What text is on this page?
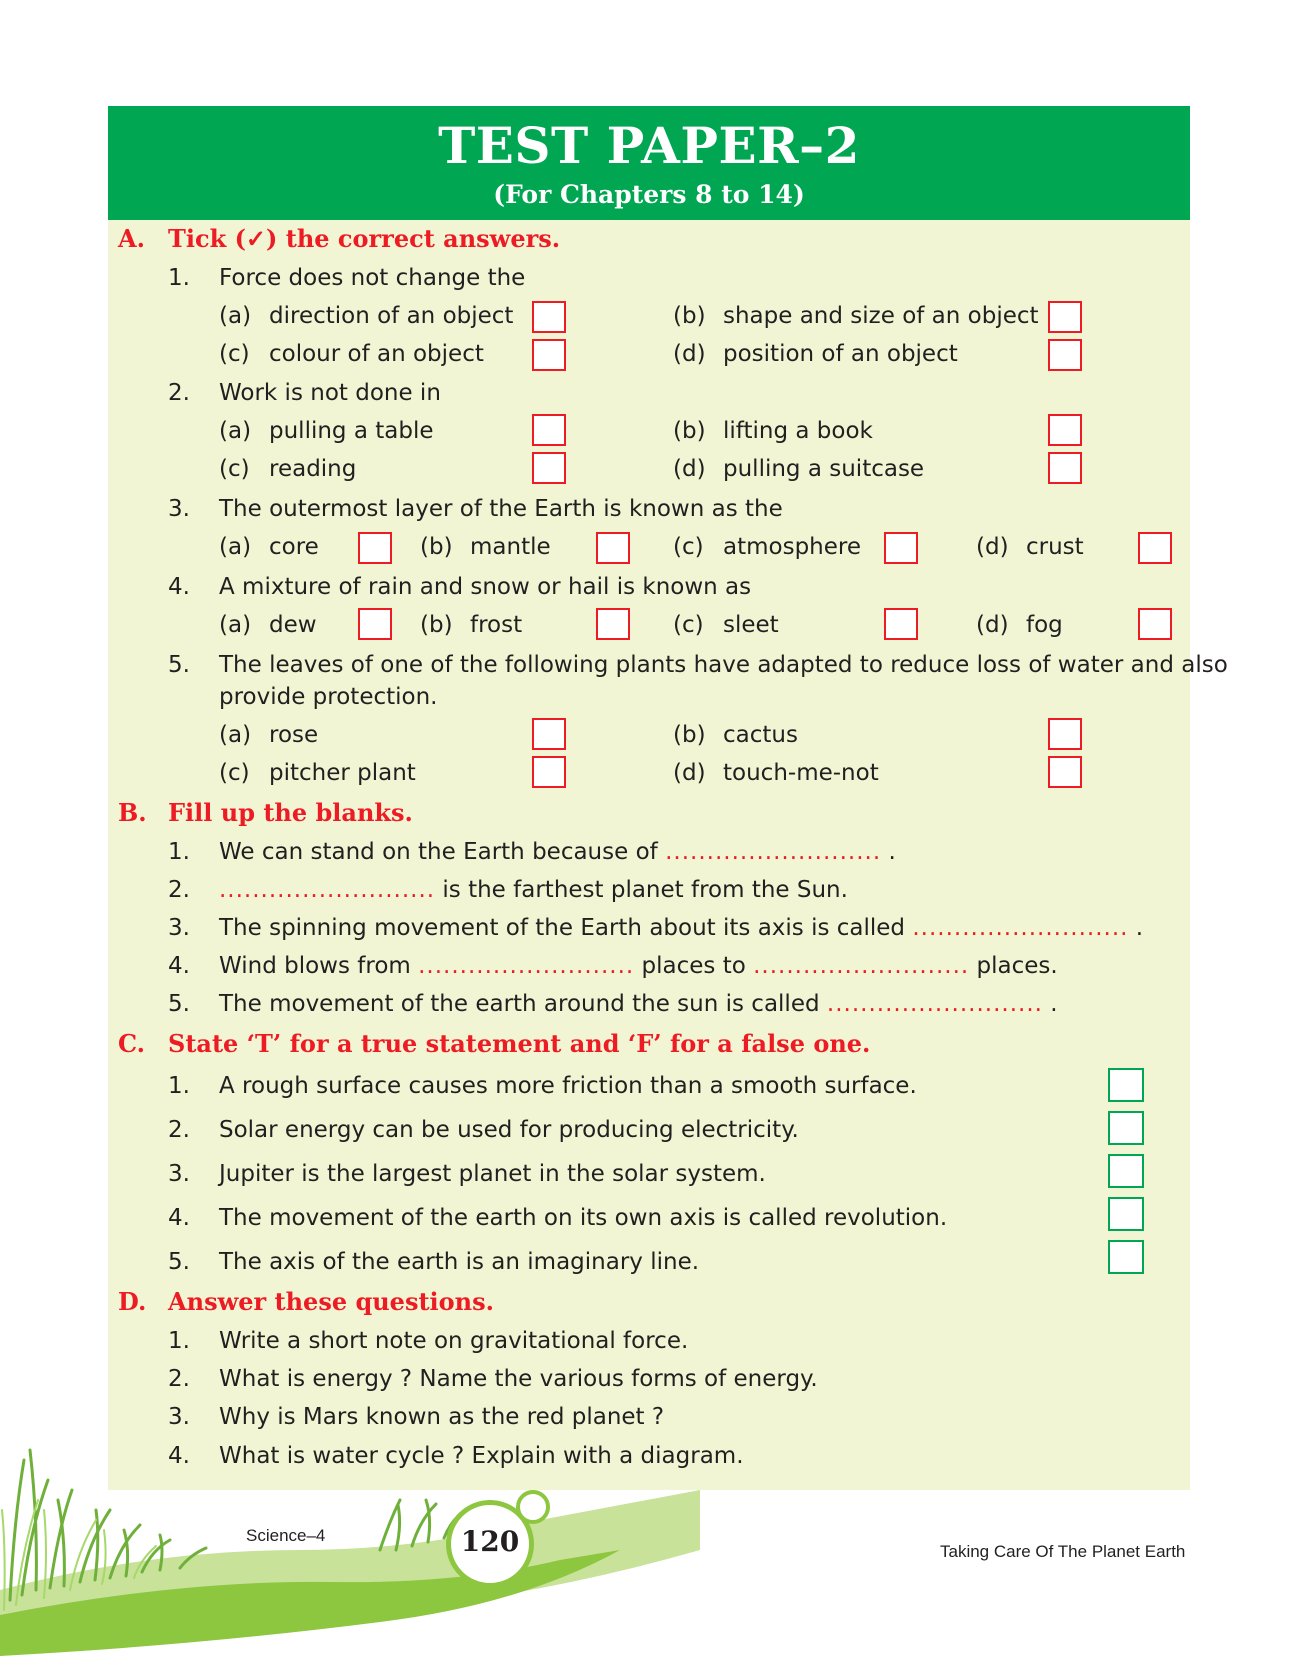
TEST PAPER–2
(For Chapters 8 to 14)
A. Tick (✓) the correct answers.
1. Force does not change the
(a) direction of an object	(b) shape and size of an object
(c) colour of an object	(d) position of an object
2. Work is not done in
(a) pulling a table	(b) lifting a book
(c) reading	(d) pulling a suitcase
3. The outermost layer of the Earth is known as the
(a) core	(b) mantle	(c) atmosphere	(d) crust
4. A mixture of rain and snow or hail is known as
(a) dew	(b) frost	(c) sleet	(d) fog
5. The leaves of one of the following plants have adapted to reduce loss of water and also
provide protection.
(a) rose	(b) cactus
(c) pitcher plant	(d) touch-me-not
B. Fill up the blanks.
1. We can stand on the Earth because of .......................... .
2. .......................... is the farthest planet from the Sun.
3. The spinning movement of the Earth about its axis is called .......................... .
4. Wind blows from .......................... places to .......................... places.
5. The movement of the earth around the sun is called .......................... .
C. State ‘T’ for a true statement and ‘F’ for a false one.
1. A rough surface causes more friction than a smooth surface.
2. Solar energy can be used for producing electricity.
3. Jupiter is the largest planet in the solar system.
4. The movement of the earth on its own axis is called revolution.
5. The axis of the earth is an imaginary line.
D. Answer these questions.
1. Write a short note on gravitational force.
2. What is energy ? Name the various forms of energy.
3. Why is Mars known as the red planet ?
4. What is water cycle ? Explain with a diagram.
Science–4	120	Taking Care Of The Planet Earth
